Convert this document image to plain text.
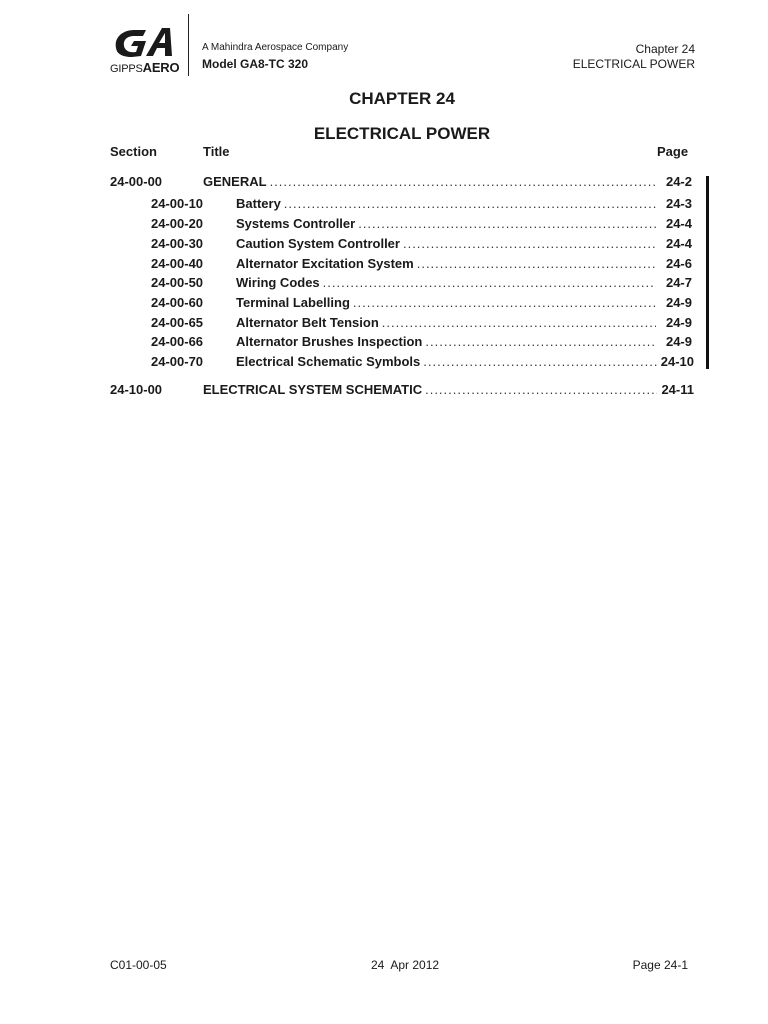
GIPPSAERO
A Mahindra Aerospace Company
Model GA8-TC 320
Chapter 24
ELECTRICAL POWER
CHAPTER 24
ELECTRICAL POWER
Section	Title	Page
24-00-00	GENERAL .....	24-2
24-00-10	Battery .....	24-3
24-00-20	Systems Controller .....	24-4
24-00-30	Caution System Controller .....	24-4
24-00-40	Alternator Excitation System .....	24-6
24-00-50	Wiring Codes .....	24-7
24-00-60	Terminal Labelling .....	24-9
24-00-65	Alternator Belt Tension .....	24-9
24-00-66	Alternator Brushes Inspection .....	24-9
24-00-70	Electrical Schematic Symbols .....	24-10
24-10-00	ELECTRICAL SYSTEM SCHEMATIC .....	24-11
C01-00-05	24  Apr 2012	Page 24-1
